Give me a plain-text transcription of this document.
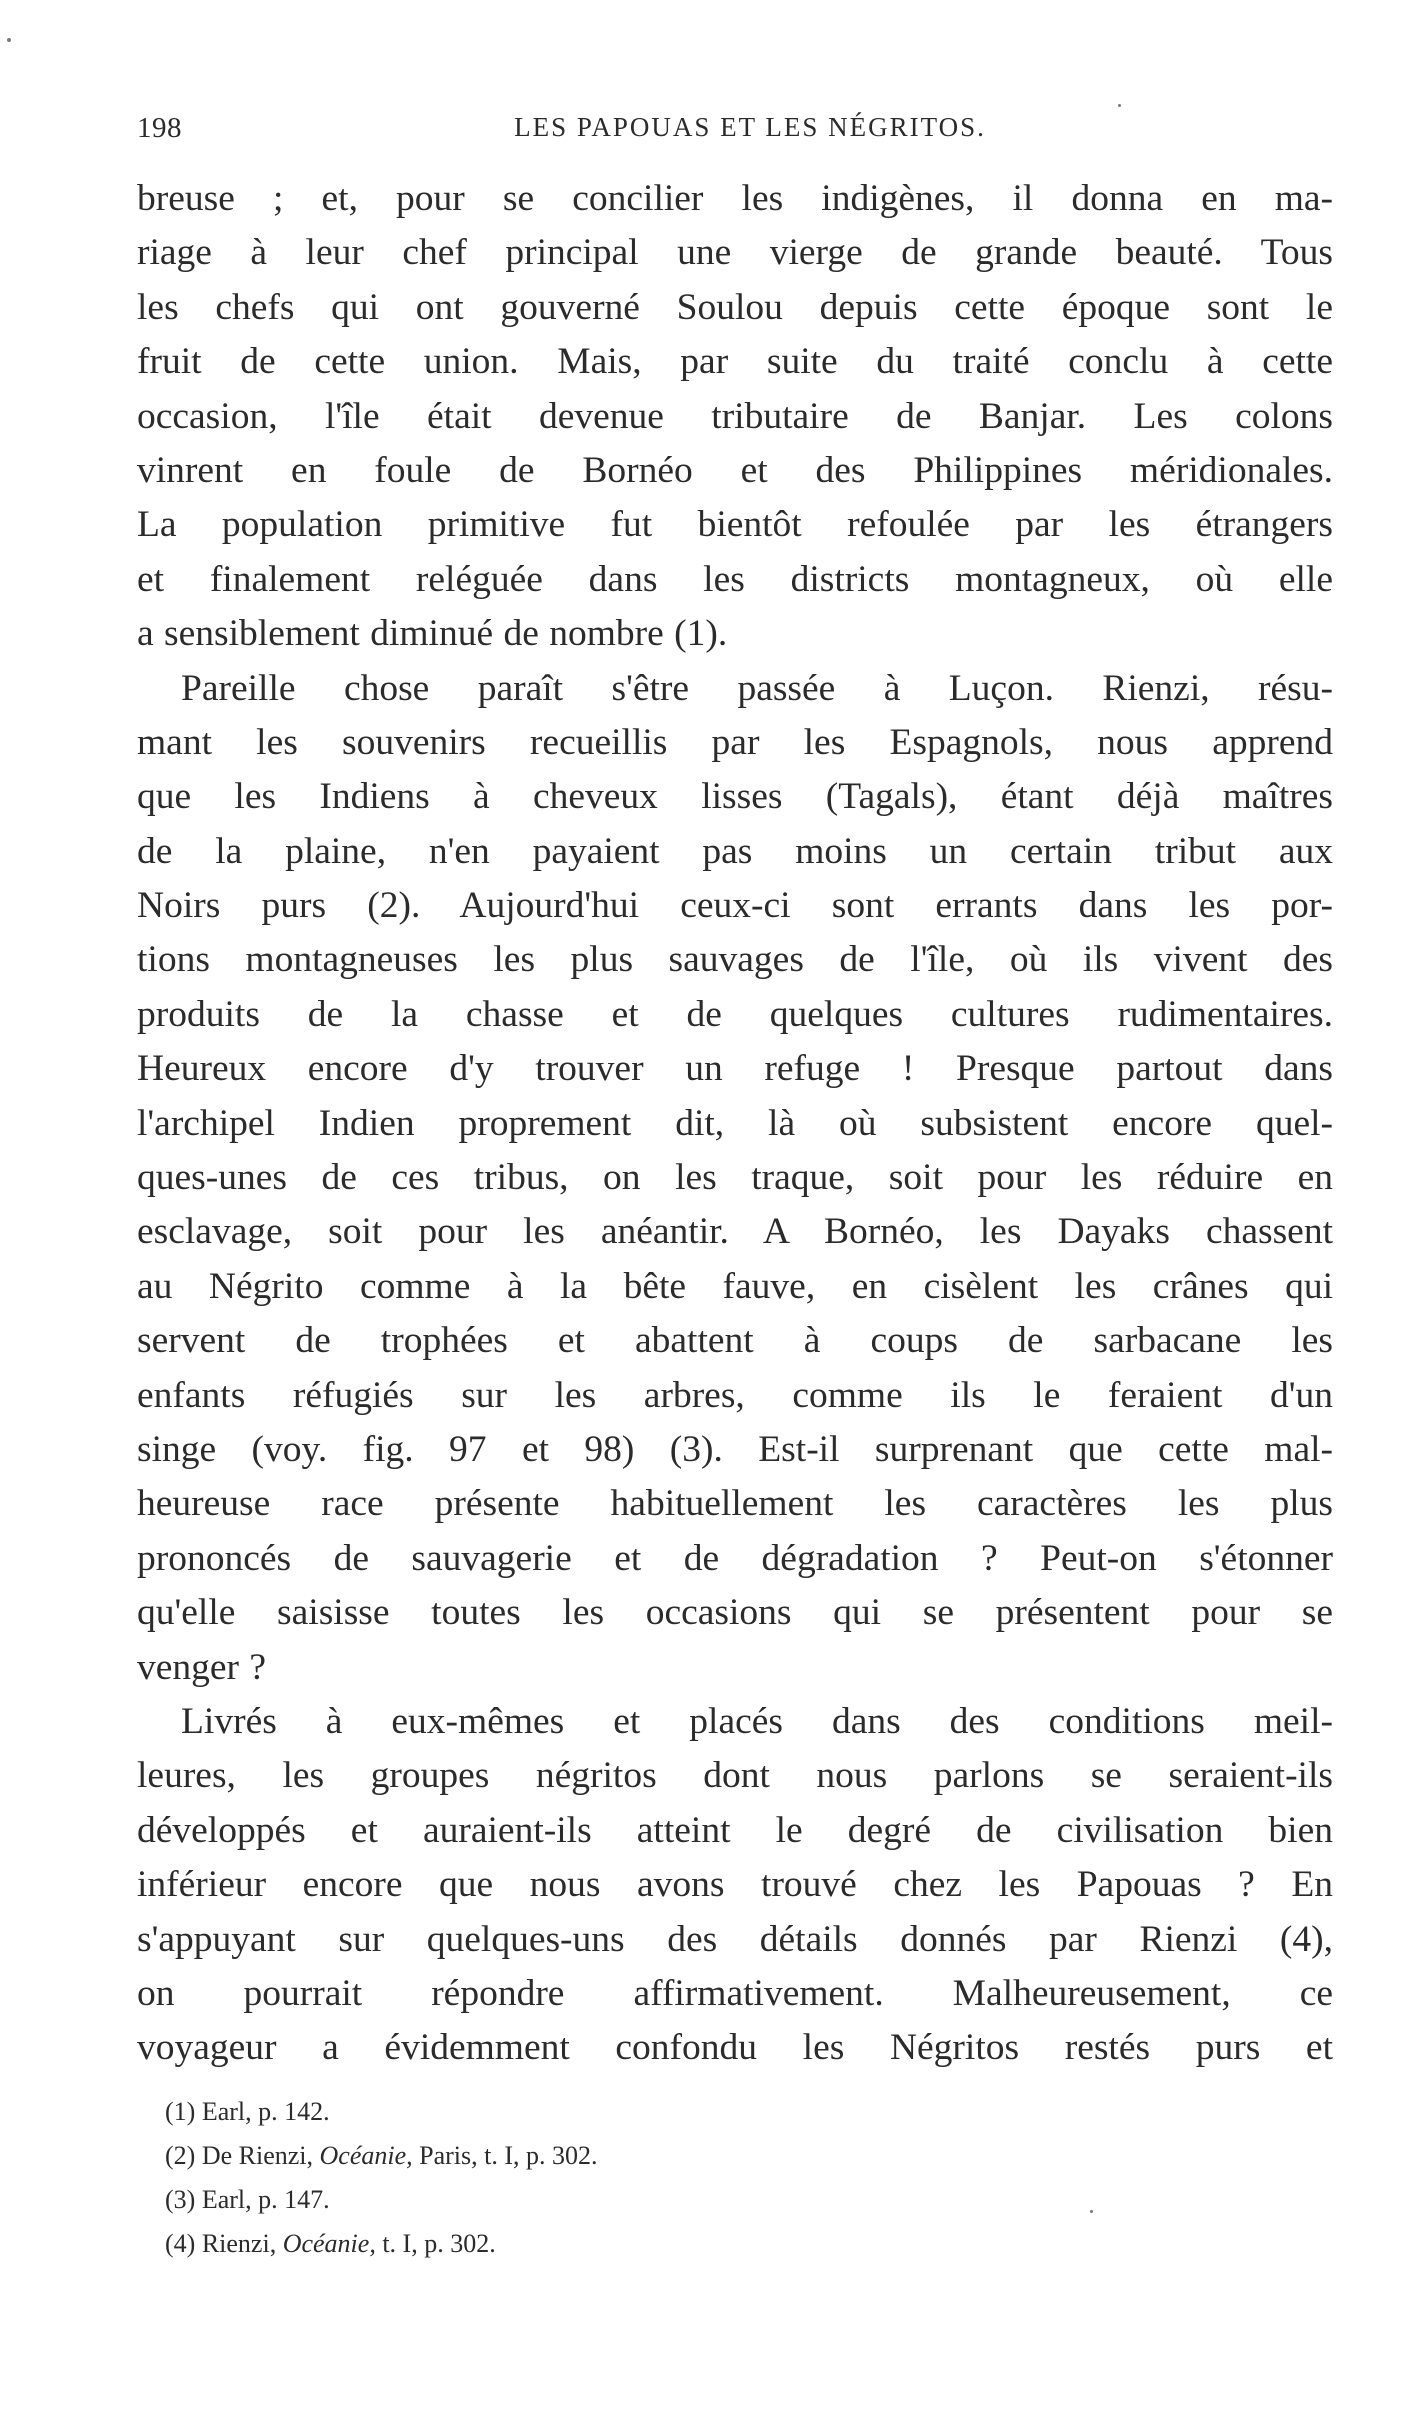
198	LES PAPOUAS ET LES NÉGRITOS.
breuse ; et, pour se concilier les indigènes, il donna en ma-
riage à leur chef principal une vierge de grande beauté. Tous
les chefs qui ont gouverné Soulou depuis cette époque sont le
fruit de cette union. Mais, par suite du traité conclu à cette
occasion, l'île était devenue tributaire de Banjar. Les colons
vinrent en foule de Bornéo et des Philippines méridionales.
La population primitive fut bientôt refoulée par les étrangers
et finalement reléguée dans les districts montagneux, où elle
a sensiblement diminué de nombre (1).
Pareille chose paraît s'être passée à Luçon. Rienzi, résu-
mant les souvenirs recueillis par les Espagnols, nous apprend
que les Indiens à cheveux lisses (Tagals), étant déjà maîtres
de la plaine, n'en payaient pas moins un certain tribut aux
Noirs purs (2). Aujourd'hui ceux-ci sont errants dans les por-
tions montagneuses les plus sauvages de l'île, où ils vivent des
produits de la chasse et de quelques cultures rudimentaires.
Heureux encore d'y trouver un refuge ! Presque partout dans
l'archipel Indien proprement dit, là où subsistent encore quel-
ques-unes de ces tribus, on les traque, soit pour les réduire en
esclavage, soit pour les anéantir. A Bornéo, les Dayaks chassent
au Négrito comme à la bête fauve, en cisèlent les crânes qui
servent de trophées et abattent à coups de sarbacane les
enfants réfugiés sur les arbres, comme ils le feraient d'un
singe (voy. fig. 97 et 98) (3). Est-il surprenant que cette mal-
heureuse race présente habituellement les caractères les plus
prononcés de sauvagerie et de dégradation ? Peut-on s'étonner
qu'elle saisisse toutes les occasions qui se présentent pour se
venger ?
Livrés à eux-mêmes et placés dans des conditions meil-
leures, les groupes négritos dont nous parlons se seraient-ils
développés et auraient-ils atteint le degré de civilisation bien
inférieur encore que nous avons trouvé chez les Papouas ? En
s'appuyant sur quelques-uns des détails donnés par Rienzi (4),
on pourrait répondre affirmativement. Malheureusement, ce
voyageur a évidemment confondu les Négritos restés purs et
(1) Earl, p. 142.
(2) De Rienzi, Océanie, Paris, t. I, p. 302.
(3) Earl, p. 147.
(4) Rienzi, Océanie, t. I, p. 302.
